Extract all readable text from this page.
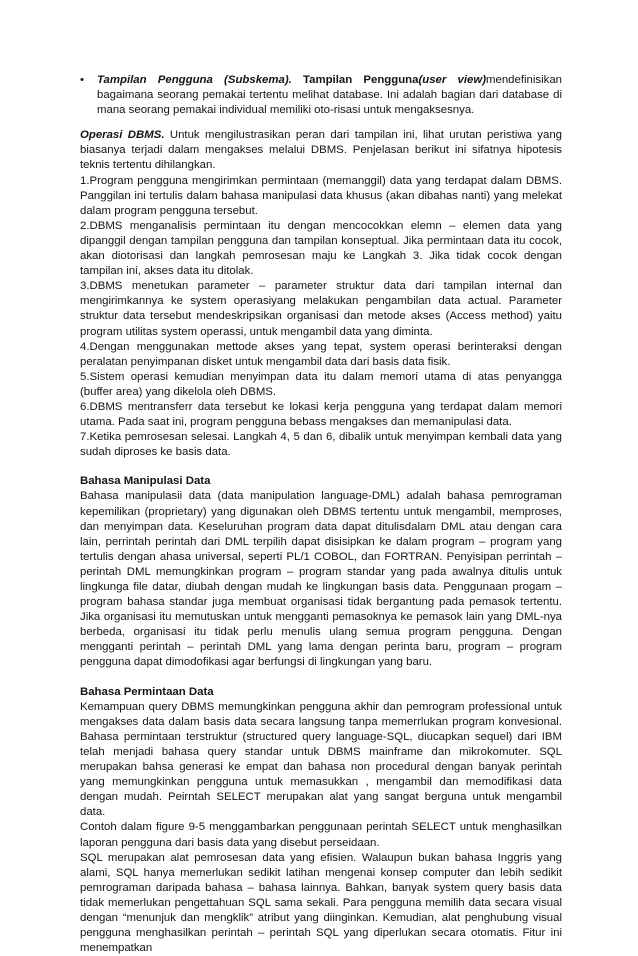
• Tampilan Pengguna (Subskema). Tampilan Pengguna(user view)mendefinisikan bagaimana seorang pemakai tertentu melihat database. Ini adalah bagian dari database di mana seorang pemakai individual memiliki oto-risasi untuk mengaksesnya.

Operasi DBMS. Untuk mengilustrasikan peran dari tampilan ini, lihat urutan peristiwa yang biasanya terjadi dalam mengakses melalui DBMS. Penjelasan berikut ini sifatnya hipotesis teknis tertentu dihilangkan.

1.Program pengguna mengirimkan permintaan (memanggil) data yang terdapat dalam DBMS. Panggilan ini tertulis dalam bahasa manipulasi data khusus (akan dibahas nanti) yang melekat dalam program pengguna tersebut.

2.DBMS menganalisis permintaan itu dengan mencocokkan elemn – elemen data yang dipanggil dengan tampilan pengguna dan tampilan konseptual. Jika permintaan data itu cocok, akan diotorisasi dan langkah pemrosesan maju ke Langkah 3. Jika tidak cocok dengan tampilan ini, akses data itu ditolak.

3.DBMS menetukan parameter – parameter struktur data dari tampilan internal dan mengirimkannya ke system operasiyang melakukan pengambilan data actual. Parameter struktur data tersebut mendeskripsikan organisasi dan metode akses (Access method) yaitu program utilitas system operassi, untuk mengambil data yang diminta.

4.Dengan menggunakan mettode akses yang tepat, system operasi berinteraksi dengan peralatan penyimpanan disket untuk mengambil data dari basis data fisik.

5.Sistem operasi kemudian menyimpan data itu dalam memori utama di atas penyangga (buffer area) yang dikelola oleh DBMS.

6.DBMS mentransferr data tersebut ke lokasi kerja pengguna yang terdapat dalam memori utama. Pada saat ini, program pengguna bebass mengakses dan memanipulasi data.

7.Ketika pemrosesan selesai. Langkah 4, 5 dan 6, dibalik untuk menyimpan kembali data yang sudah diproses ke basis data.

Bahasa Manipulasi Data

Bahasa manipulasii data (data manipulation language-DML) adalah bahasa pemrograman kepemilikan (proprietary) yang digunakan oleh DBMS tertentu untuk mengambil, memproses, dan menyimpan data. Keseluruhan program data dapat ditulisdalam DML atau dengan cara lain, perrintah perintah dari DML terpilih dapat disisipkan ke dalam program – program yang tertulis dengan ahasa universal, seperti PL/1 COBOL, dan FORTRAN. Penyisipan perrintah – perintah DML memungkinkan program – program standar yang pada awalnya ditulis untuk lingkunga file datar, diubah dengan mudah ke lingkungan basis data. Penggunaan progam – program bahasa standar juga membuat organisasi tidak bergantung pada pemasok tertentu. Jika organisasi itu memutuskan untuk mengganti pemasoknya ke pemasok lain yang DML-nya berbeda, organisasi itu tidak perlu menulis ulang semua program pengguna. Dengan mengganti perintah – perintah DML yang lama dengan perinta baru, program – program pengguna dapat dimodofikasi agar berfungsi di lingkungan yang baru.

Bahasa Permintaan Data

Kemampuan query DBMS memungkinkan pengguna akhir dan pemrogram professional untuk mengakses data dalam basis data secara langsung tanpa memerrlukan program konvesional. Bahasa permintaan terstruktur (structured query language-SQL, diucapkan sequel) dari IBM telah menjadi bahasa query standar untuk DBMS mainframe dan mikrokomuter. SQL merupakan bahsa generasi ke empat dan bahasa non procedural dengan banyak perintah yang memungkinkan pengguna untuk memasukkan , mengambil dan memodifikasi data dengan mudah. Peirntah SELECT merupakan alat yang sangat berguna untuk mengambil data.

Contoh dalam figure 9-5 menggambarkan penggunaan perintah SELECT untuk menghasilkan laporan pengguna dari basis data yang disebut perseidaan.

SQL merupakan alat pemrosesan data yang efisien. Walaupun bukan bahasa Inggris yang alami, SQL hanya memerlukan sedikit latihan mengenai konsep computer dan lebih sedikit pemrograman daripada bahasa – bahasa lainnya. Bahkan, banyak system query basis data tidak memerlukan pengettahuan SQL sama sekali. Para pengguna memilih data secara visual dengan “menunjuk dan mengklik” atribut yang diinginkan. Kemudian, alat penghubung visual pengguna menghasilkan perintah – perintah SQL yang diperlukan secara otomatis. Fitur ini menempatkan
